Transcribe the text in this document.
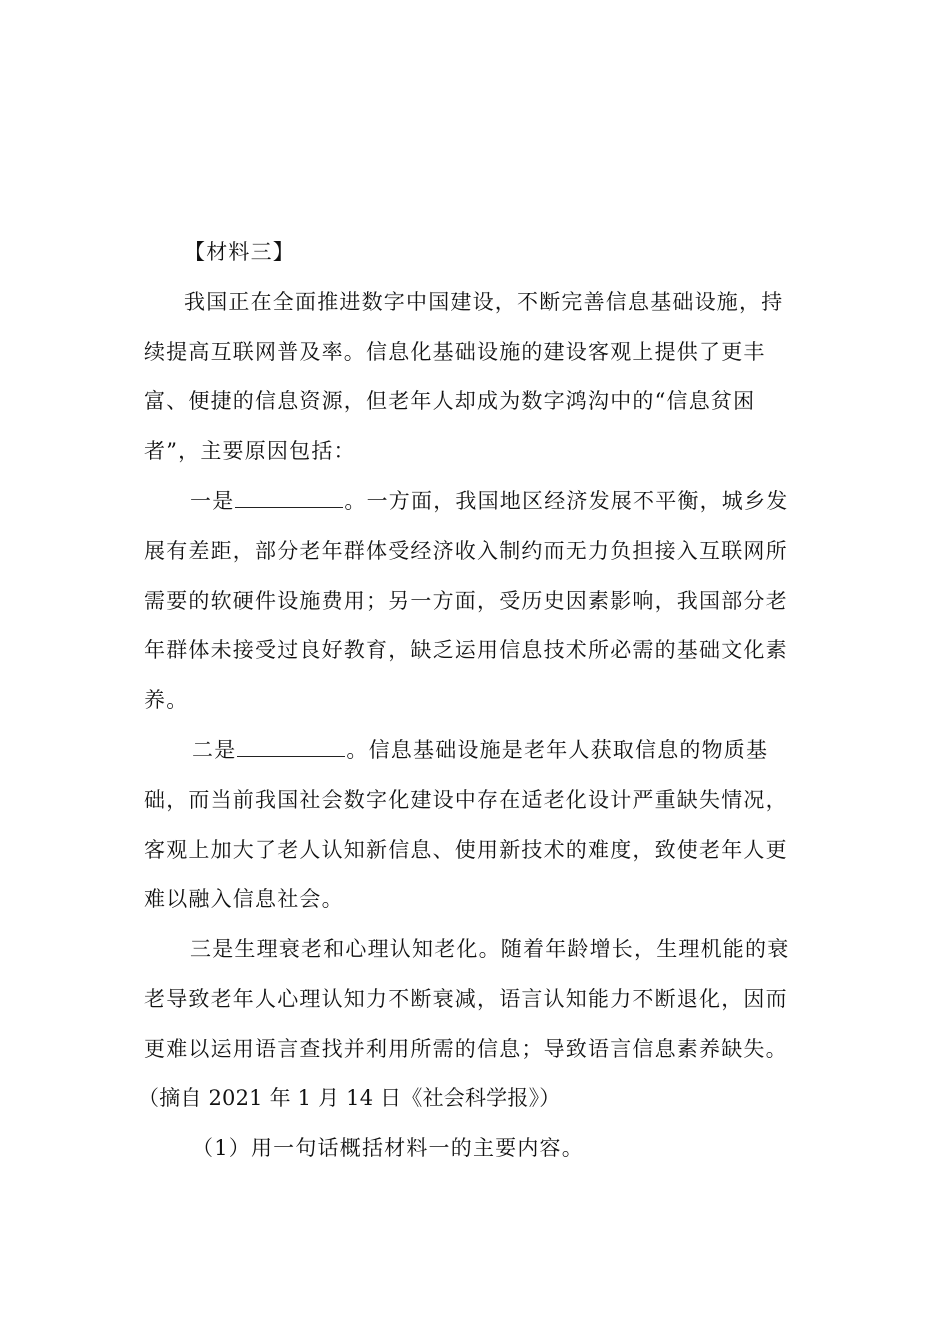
【材料三】
我国正在全面推进数字中国建设，不断完善信息基础设施，持
续提高互联网普及率。信息化基础设施的建设客观上提供了更丰
富、便捷的信息资源，但老年人却成为数字鸿沟中的“信息贫困
者”，主要原因包括：
一是	。一方面，我国地区经济发展不平衡，城乡发
展有差距，部分老年群体受经济收入制约而无力负担接入互联网所
需要的软硬件设施费用；另一方面，受历史因素影响，我国部分老
年群体未接受过良好教育，缺乏运用信息技术所必需的基础文化素
养。
二是	。信息基础设施是老年人获取信息的物质基
础，而当前我国社会数字化建设中存在适老化设计严重缺失情况，
客观上加大了老人认知新信息、使用新技术的难度，致使老年人更
难以融入信息社会。
三是生理衰老和心理认知老化。随着年龄增长，生理机能的衰
老导致老年人心理认知力不断衰减，语言认知能力不断退化，因而
更难以运用语言查找并利用所需的信息；导致语言信息素养缺失。
（摘自 2021 年 1 月 14 日《社会科学报》）
（1）用一句话概括材料一的主要内容。
